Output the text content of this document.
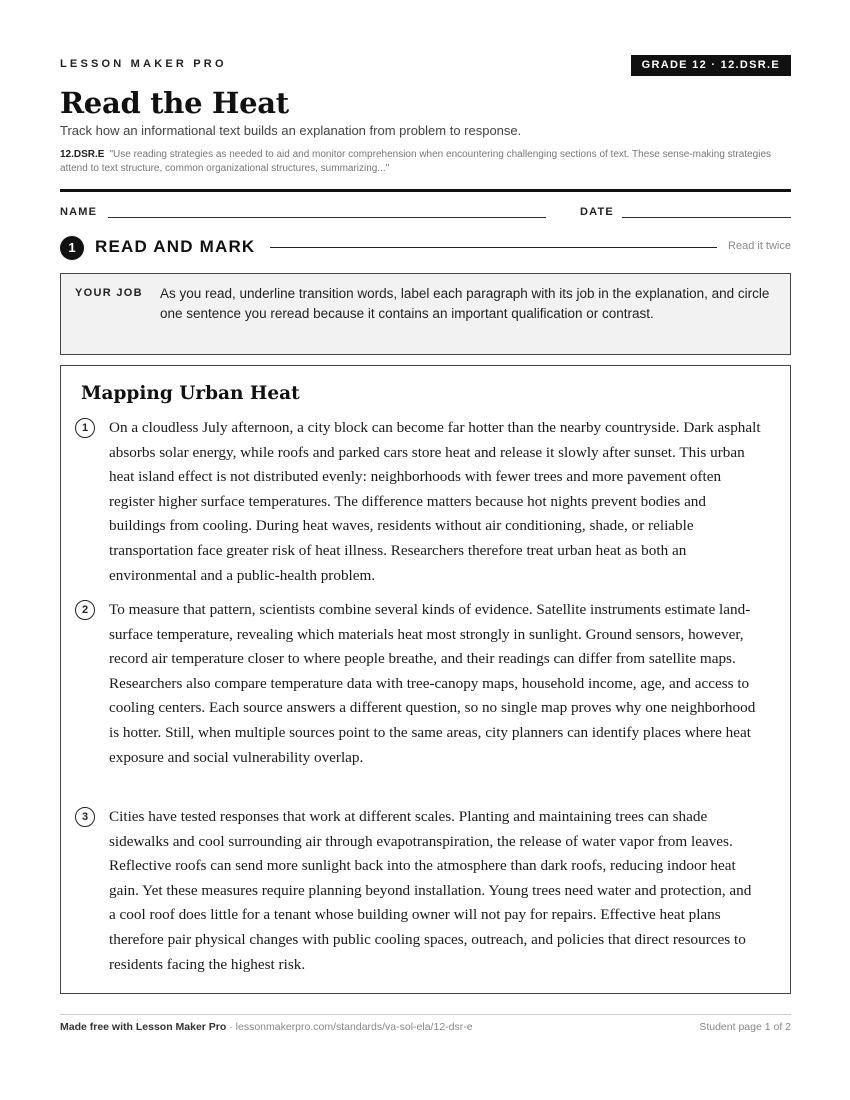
LESSON MAKER PRO	GRADE 12 · 12.DSR.E
Read the Heat
Track how an informational text builds an explanation from problem to response.
12.DSR.E "Use reading strategies as needed to aid and monitor comprehension when encountering challenging sections of text. These sense-making strategies attend to text structure, common organizational structures, summarizing..."
NAME	DATE
1	READ AND MARK	Read it twice
YOUR JOB As you read, underline transition words, label each paragraph with its job in the explanation, and circle one sentence you reread because it contains an important qualification or contrast.
Mapping Urban Heat
1	On a cloudless July afternoon, a city block can become far hotter than the nearby countryside. Dark asphalt absorbs solar energy, while roofs and parked cars store heat and release it slowly after sunset. This urban heat island effect is not distributed evenly: neighborhoods with fewer trees and more pavement often register higher surface temperatures. The difference matters because hot nights prevent bodies and buildings from cooling. During heat waves, residents without air conditioning, shade, or reliable transportation face greater risk of heat illness. Researchers therefore treat urban heat as both an environmental and a public-health problem.
2	To measure that pattern, scientists combine several kinds of evidence. Satellite instruments estimate land-surface temperature, revealing which materials heat most strongly in sunlight. Ground sensors, however, record air temperature closer to where people breathe, and their readings can differ from satellite maps. Researchers also compare temperature data with tree-canopy maps, household income, age, and access to cooling centers. Each source answers a different question, so no single map proves why one neighborhood is hotter. Still, when multiple sources point to the same areas, city planners can identify places where heat exposure and social vulnerability overlap.
3	Cities have tested responses that work at different scales. Planting and maintaining trees can shade sidewalks and cool surrounding air through evapotranspiration, the release of water vapor from leaves. Reflective roofs can send more sunlight back into the atmosphere than dark roofs, reducing indoor heat gain. Yet these measures require planning beyond installation. Young trees need water and protection, and a cool roof does little for a tenant whose building owner will not pay for repairs. Effective heat plans therefore pair physical changes with public cooling spaces, outreach, and policies that direct resources to residents facing the highest risk.
Made free with Lesson Maker Pro · lessonmakerpro.com/standards/va-sol-ela/12-dsr-e	Student page 1 of 2
